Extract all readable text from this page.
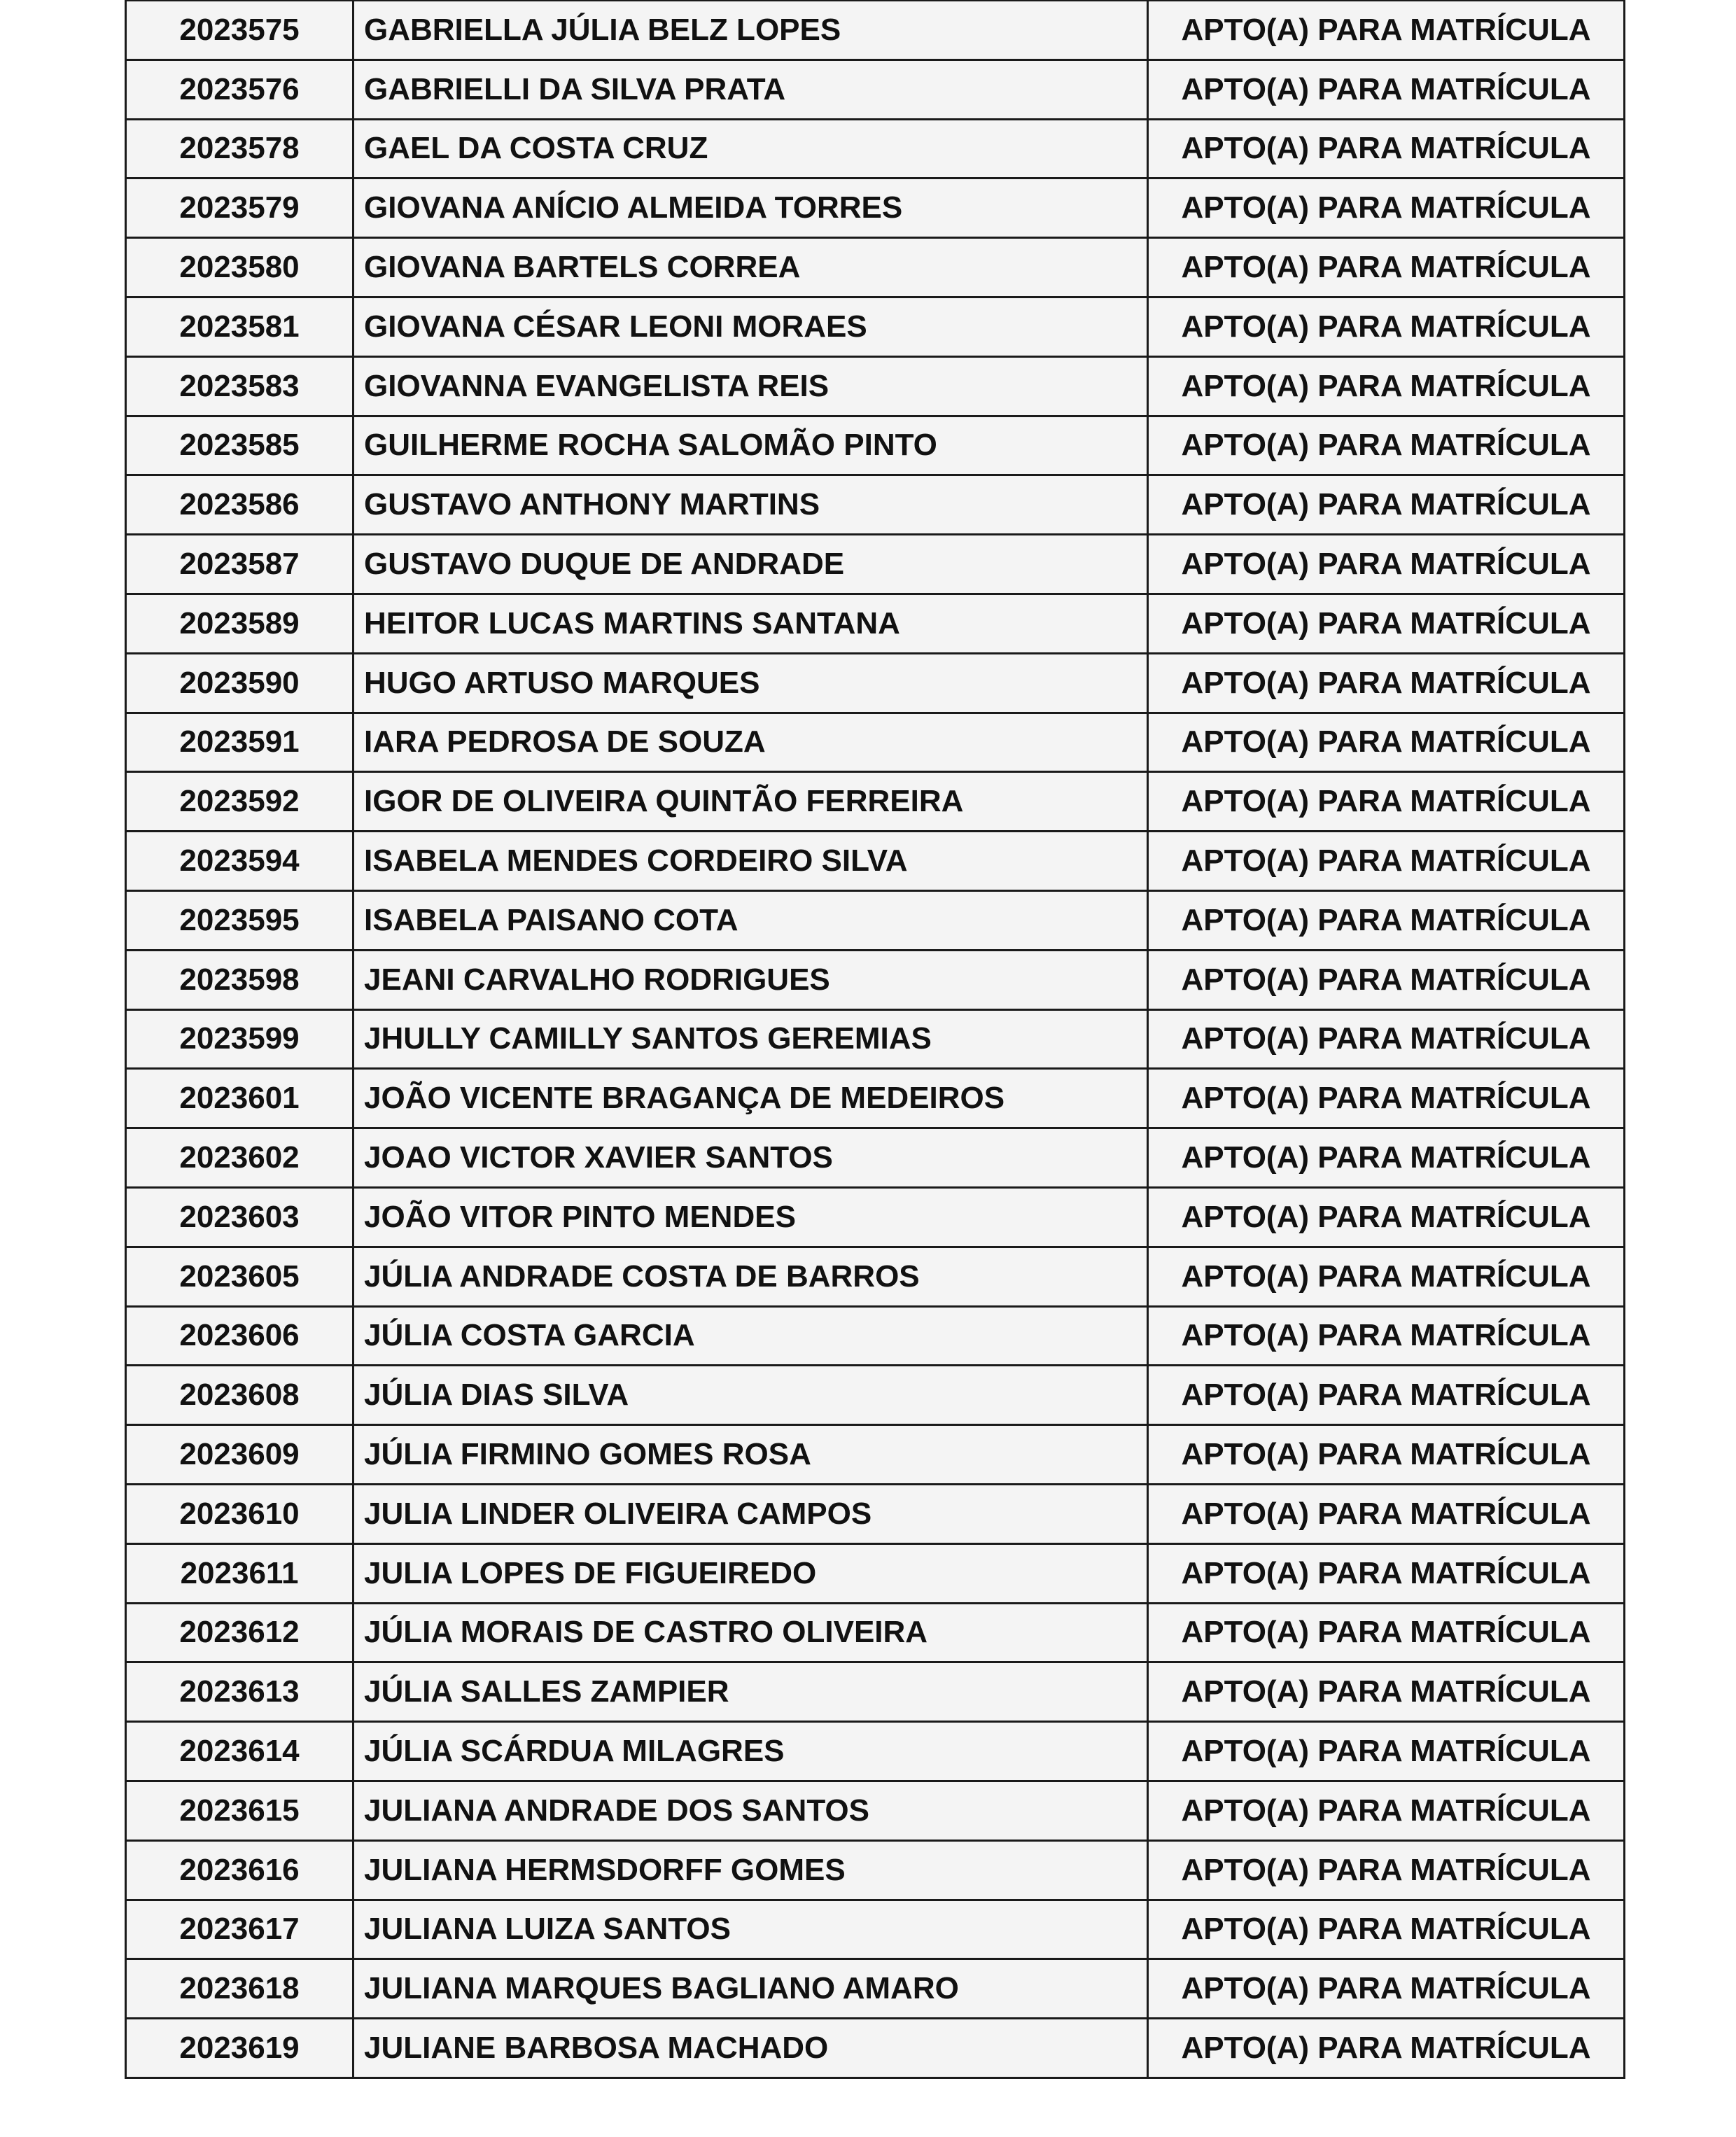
2023575	GABRIELLA JÚLIA BELZ LOPES	APTO(A) PARA MATRÍCULA
2023576	GABRIELLI DA SILVA PRATA	APTO(A) PARA MATRÍCULA
2023578	GAEL DA COSTA CRUZ	APTO(A) PARA MATRÍCULA
2023579	GIOVANA ANÍCIO ALMEIDA TORRES	APTO(A) PARA MATRÍCULA
2023580	GIOVANA BARTELS CORREA	APTO(A) PARA MATRÍCULA
2023581	GIOVANA CÉSAR LEONI MORAES	APTO(A) PARA MATRÍCULA
2023583	GIOVANNA EVANGELISTA REIS	APTO(A) PARA MATRÍCULA
2023585	GUILHERME ROCHA SALOMÃO PINTO	APTO(A) PARA MATRÍCULA
2023586	GUSTAVO ANTHONY MARTINS	APTO(A) PARA MATRÍCULA
2023587	GUSTAVO DUQUE DE ANDRADE	APTO(A) PARA MATRÍCULA
2023589	HEITOR LUCAS MARTINS SANTANA	APTO(A) PARA MATRÍCULA
2023590	HUGO ARTUSO MARQUES	APTO(A) PARA MATRÍCULA
2023591	IARA PEDROSA DE SOUZA	APTO(A) PARA MATRÍCULA
2023592	IGOR DE OLIVEIRA QUINTÃO FERREIRA	APTO(A) PARA MATRÍCULA
2023594	ISABELA MENDES CORDEIRO SILVA	APTO(A) PARA MATRÍCULA
2023595	ISABELA PAISANO COTA	APTO(A) PARA MATRÍCULA
2023598	JEANI CARVALHO RODRIGUES	APTO(A) PARA MATRÍCULA
2023599	JHULLY CAMILLY SANTOS GEREMIAS	APTO(A) PARA MATRÍCULA
2023601	JOÃO VICENTE BRAGANÇA DE MEDEIROS	APTO(A) PARA MATRÍCULA
2023602	JOAO VICTOR XAVIER SANTOS	APTO(A) PARA MATRÍCULA
2023603	JOÃO VITOR PINTO MENDES	APTO(A) PARA MATRÍCULA
2023605	JÚLIA ANDRADE COSTA DE BARROS	APTO(A) PARA MATRÍCULA
2023606	JÚLIA COSTA GARCIA	APTO(A) PARA MATRÍCULA
2023608	JÚLIA DIAS SILVA	APTO(A) PARA MATRÍCULA
2023609	JÚLIA FIRMINO GOMES ROSA	APTO(A) PARA MATRÍCULA
2023610	JULIA LINDER OLIVEIRA CAMPOS	APTO(A) PARA MATRÍCULA
2023611	JULIA LOPES DE FIGUEIREDO	APTO(A) PARA MATRÍCULA
2023612	JÚLIA MORAIS DE CASTRO OLIVEIRA	APTO(A) PARA MATRÍCULA
2023613	JÚLIA SALLES ZAMPIER	APTO(A) PARA MATRÍCULA
2023614	JÚLIA SCÁRDUA MILAGRES	APTO(A) PARA MATRÍCULA
2023615	JULIANA ANDRADE DOS SANTOS	APTO(A) PARA MATRÍCULA
2023616	JULIANA HERMSDORFF GOMES	APTO(A) PARA MATRÍCULA
2023617	JULIANA LUIZA SANTOS	APTO(A) PARA MATRÍCULA
2023618	JULIANA MARQUES BAGLIANO AMARO	APTO(A) PARA MATRÍCULA
2023619	JULIANE BARBOSA MACHADO	APTO(A) PARA MATRÍCULA
